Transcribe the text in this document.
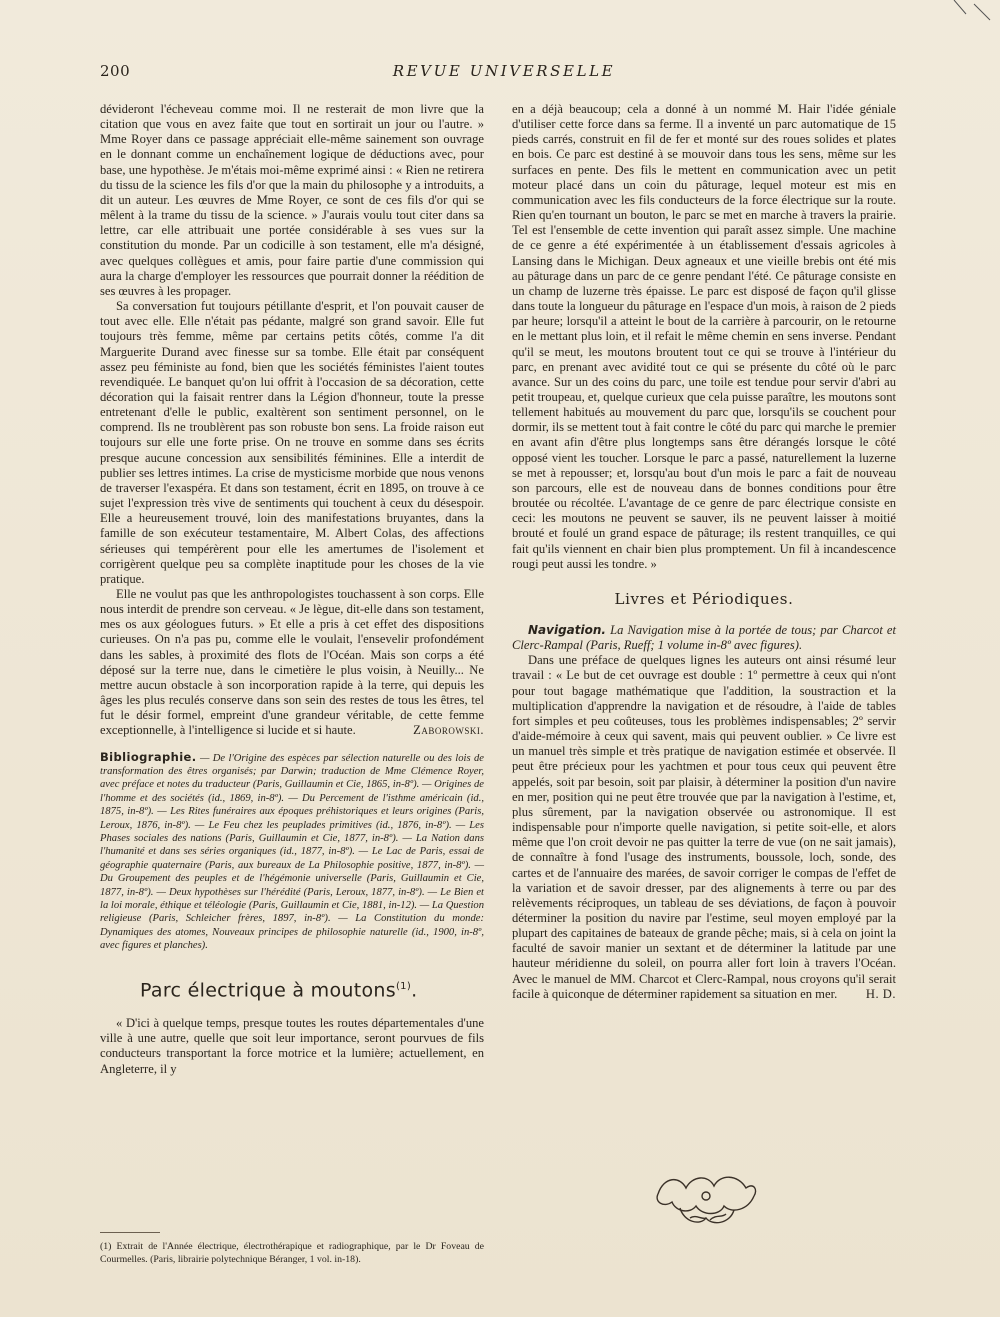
200	REVUE UNIVERSELLE

dévideront l'écheveau comme moi. Il ne resterait de mon livre que la citation que vous en avez faite que tout en sortirait un jour ou l'autre. » Mme Royer dans ce passage appréciait elle-même sainement son ouvrage en le donnant comme un enchaînement logique de déductions avec, pour base, une hypothèse. Je m'étais moi-même exprimé ainsi : « Rien ne retirera du tissu de la science les fils d'or que la main du philosophe y a introduits, a dit un auteur. Les œuvres de Mme Royer, ce sont de ces fils d'or qui se mêlent à la trame du tissu de la science. » J'aurais voulu tout citer dans sa lettre, car elle attribuait une portée considérable à ses vues sur la constitution du monde. Par un codicille à son testament, elle m'a désigné, avec quelques collègues et amis, pour faire partie d'une commission qui aura la charge d'employer les ressources que pourrait donner la réédition de ses œuvres à les propager.

Sa conversation fut toujours pétillante d'esprit, et l'on pouvait causer de tout avec elle. Elle n'était pas pédante, malgré son grand savoir. Elle fut toujours très femme, même par certains petits côtés, comme l'a dit Marguerite Durand avec finesse sur sa tombe. Elle était par conséquent assez peu féministe au fond, bien que les sociétés féministes l'aient toutes revendiquée. Le banquet qu'on lui offrit à l'occasion de sa décoration, cette décoration qui la faisait rentrer dans la Légion d'honneur, toute la presse entretenant d'elle le public, exaltèrent son sentiment personnel, on le comprend. Ils ne troublèrent pas son robuste bon sens. La froide raison eut toujours sur elle une forte prise. On ne trouve en somme dans ses écrits presque aucune concession aux sensibilités féminines. Elle a interdit de publier ses lettres intimes. La crise de mysticisme morbide que nous venons de traverser l'exaspéra. Et dans son testament, écrit en 1895, on trouve à ce sujet l'expression très vive de sentiments qui touchent à ceux du désespoir. Elle a heureusement trouvé, loin des manifestations bruyantes, dans la famille de son exécuteur testamentaire, M. Albert Colas, des affections sérieuses qui tempérèrent pour elle les amertumes de l'isolement et corrigèrent quelque peu sa complète inaptitude pour les choses de la vie pratique.

Elle ne voulut pas que les anthropologistes touchassent à son corps. Elle nous interdit de prendre son cerveau. « Je lègue, dit-elle dans son testament, mes os aux géologues futurs. » Et elle a pris à cet effet des dispositions curieuses. On n'a pas pu, comme elle le voulait, l'ensevelir profondément dans les sables, à proximité des flots de l'Océan. Mais son corps a été déposé sur la terre nue, dans le cimetière le plus voisin, à Neuilly... Ne mettre aucun obstacle à son incorporation rapide à la terre, qui depuis les âges les plus reculés conserve dans son sein des restes de tous les êtres, tel fut le désir formel, empreint d'une grandeur véritable, de cette femme exceptionnelle, à l'intelligence si lucide et si haute.	Zaborowski.

Bibliographie. — De l'Origine des espèces par sélection naturelle ou des lois de transformation des êtres organisés; par Darwin; traduction de Mme Clémence Royer, avec préface et notes du traducteur (Paris, Guillaumin et Cie, 1865, in-8º). — Origines de l'homme et des sociétés (id., 1869, in-8º). — Du Percement de l'isthme américain (id., 1875, in-8º). — Les Rites funéraires aux époques préhistoriques et leurs origines (Paris, Leroux, 1876, in-8º). — Le Feu chez les peuplades primitives (id., 1876, in-8º). — Les Phases sociales des nations (Paris, Guillaumin et Cie, 1877, in-8º). — La Nation dans l'humanité et dans ses séries organiques (id., 1877, in-8º). — Le Lac de Paris, essai de géographie quaternaire (Paris, aux bureaux de La Philosophie positive, 1877, in-8º). — Du Groupement des peuples et de l'hégémonie universelle (Paris, Guillaumin et Cie, 1877, in-8º). — Deux hypothèses sur l'hérédité (Paris, Leroux, 1877, in-8º). — Le Bien et la loi morale, éthique et téléologie (Paris, Guillaumin et Cie, 1881, in-12). — La Question religieuse (Paris, Schleicher frères, 1897, in-8º). — La Constitution du monde: Dynamiques des atomes, Nouveaux principes de philosophie naturelle (id., 1900, in-8º, avec figures et planches).
Parc électrique à moutons$^{(1)}$.

« D'ici à quelque temps, presque toutes les routes départementales d'une ville à une autre, quelle que soit leur importance, seront pourvues de fils conducteurs transportant la force motrice et la lumière; actuellement, en Angleterre, il y

en a déjà beaucoup; cela a donné à un nommé M. Hair l'idée géniale d'utiliser cette force dans sa ferme. Il a inventé un parc automatique de 15 pieds carrés, construit en fil de fer et monté sur des roues solides et plates en bois. Ce parc est destiné à se mouvoir dans tous les sens, même sur les surfaces en pente. Des fils le mettent en communication avec un petit moteur placé dans un coin du pâturage, lequel moteur est mis en communication avec les fils conducteurs de la force électrique sur la route. Rien qu'en tournant un bouton, le parc se met en marche à travers la prairie. Tel est l'ensemble de cette invention qui paraît assez simple. Une machine de ce genre a été expérimentée à un établissement d'essais agricoles à Lansing dans le Michigan. Deux agneaux et une vieille brebis ont été mis au pâturage dans un parc de ce genre pendant l'été. Ce pâturage consiste en un champ de luzerne très épaisse. Le parc est disposé de façon qu'il glisse dans toute la longueur du pâturage en l'espace d'un mois, à raison de 2 pieds par heure; lorsqu'il a atteint le bout de la carrière à parcourir, on le retourne en le mettant plus loin, et il refait le même chemin en sens inverse. Pendant qu'il se meut, les moutons broutent tout ce qui se trouve à l'intérieur du parc, en prenant avec avidité tout ce qui se présente du côté où le parc avance. Sur un des coins du parc, une toile est tendue pour servir d'abri au petit troupeau, et, quelque curieux que cela puisse paraître, les moutons sont tellement habitués au mouvement du parc que, lorsqu'ils se couchent pour dormir, ils se mettent tout à fait contre le côté du parc qui marche le premier en avant afin d'être plus longtemps sans être dérangés lorsque le côté opposé vient les toucher. Lorsque le parc a passé, naturellement la luzerne se met à repousser; et, lorsqu'au bout d'un mois le parc a fait de nouveau son parcours, elle est de nouveau dans de bonnes conditions pour être broutée ou récoltée. L'avantage de ce genre de parc électrique consiste en ceci: les moutons ne peuvent se sauver, ils ne peuvent laisser à moitié brouté et foulé un grand espace de pâturage; ils restent tranquilles, ce qui fait qu'ils viennent en chair bien plus promptement. Un fil à incandescence rougi peut aussi les tondre. »

Livres et Périodiques.

Navigation. La Navigation mise à la portée de tous; par Charcot et Clerc-Rampal (Paris, Rueff; 1 volume in-8º avec figures).

Dans une préface de quelques lignes les auteurs ont ainsi résumé leur travail : « Le but de cet ouvrage est double : 1º permettre à ceux qui n'ont pour tout bagage mathématique que l'addition, la soustraction et la multiplication d'apprendre la navigation et de résoudre, à l'aide de tables fort simples et peu coûteuses, tous les problèmes indispensables; 2º servir d'aide-mémoire à ceux qui savent, mais qui peuvent oublier. » Ce livre est un manuel très simple et très pratique de navigation estimée et observée. Il peut être précieux pour les yachtmen et pour tous ceux qui peuvent être appelés, soit par besoin, soit par plaisir, à déterminer la position d'un navire en mer, position qui ne peut être trouvée que par la navigation à l'estime, et, plus sûrement, par la navigation observée ou astronomique. Il est indispensable pour n'importe quelle navigation, si petite soit-elle, et alors même que l'on croit devoir ne pas quitter la terre de vue (on ne sait jamais), de connaître à fond l'usage des instruments, boussole, loch, sonde, des cartes et de l'annuaire des marées, de savoir corriger le compas de l'effet de la variation et de savoir dresser, par des alignements à terre ou par des relèvements réciproques, un tableau de ses déviations, de façon à pouvoir déterminer la position du navire par l'estime, seul moyen employé par la plupart des capitaines de bateaux de grande pêche; mais, si à cela on joint la faculté de savoir manier un sextant et de déterminer la latitude par une hauteur méridienne du soleil, on pourra aller fort loin à travers l'Océan. Avec le manuel de MM. Charcot et Clerc-Rampal, nous croyons qu'il serait facile à quiconque de déterminer rapidement sa situation en mer.	H. D.

(1) Extrait de l'Année électrique, électrothérapique et radiographique, par le Dr Foveau de Courmelles. (Paris, librairie polytechnique Béranger, 1 vol. in-18).
